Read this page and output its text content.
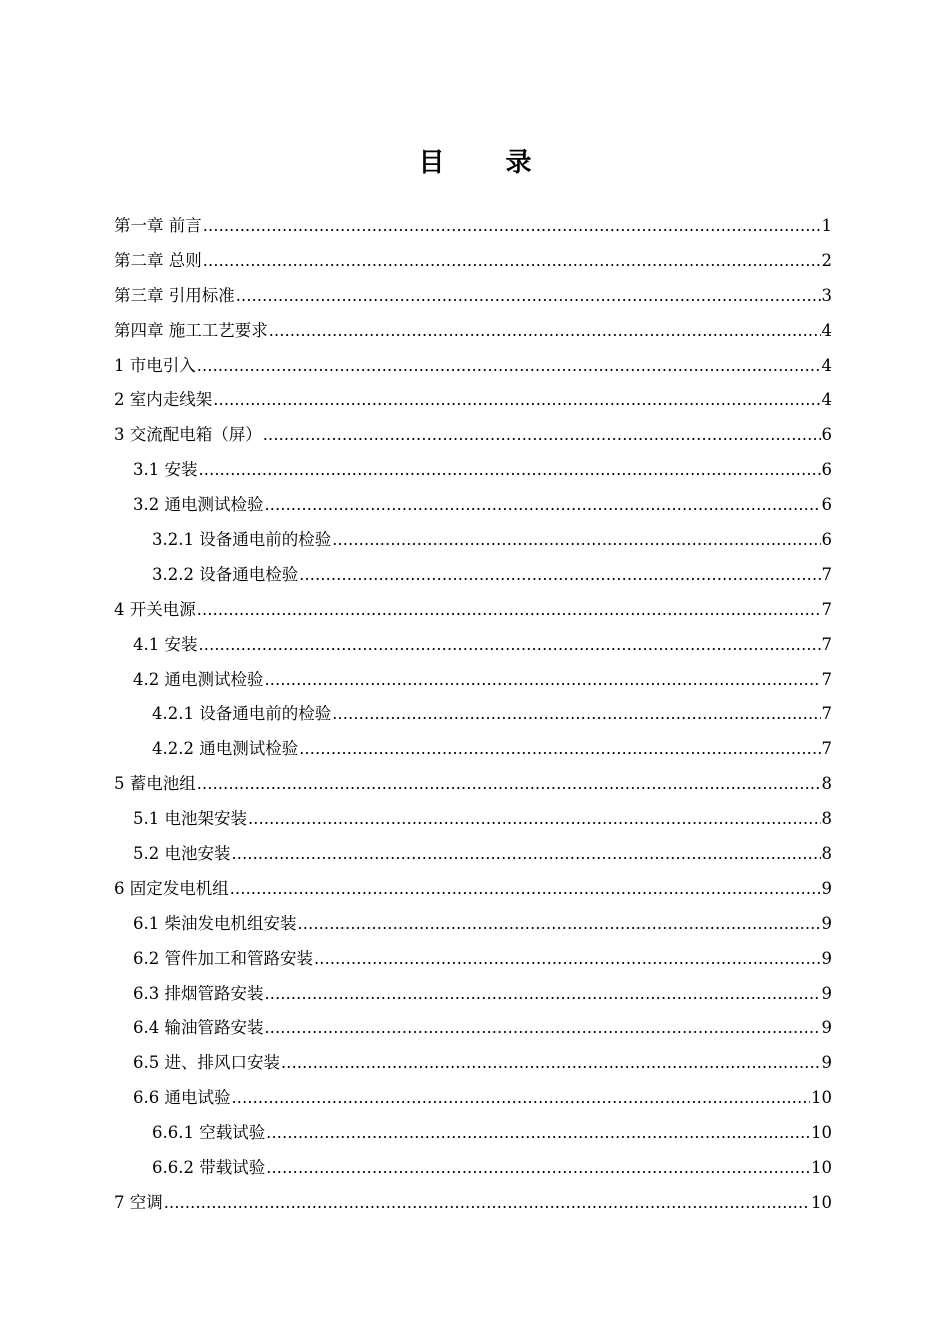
目 录
第一章 前言 .....	1
第二章 总则 .....	2
第三章 引用标准 .....	3
第四章 施工工艺要求 .....	4
1 市电引入 .....	4
2 室内走线架 .....	4
3 交流配电箱（屏） .....	6
3.1 安装 .....	6
3.2 通电测试检验 .....	6
3.2.1 设备通电前的检验 .....	6
3.2.2 设备通电检验 .....	7
4 开关电源 .....	7
4.1 安装 .....	7
4.2 通电测试检验 .....	7
4.2.1 设备通电前的检验 .....	7
4.2.2 通电测试检验 .....	7
5 蓄电池组 .....	8
5.1 电池架安装 .....	8
5.2 电池安装 .....	8
6 固定发电机组 .....	9
6.1 柴油发电机组安装 .....	9
6.2 管件加工和管路安装 .....	9
6.3 排烟管路安装 .....	9
6.4 输油管路安装 .....	9
6.5 进、排风口安装 .....	9
6.6 通电试验 .....	10
6.6.1 空载试验 .....	10
6.6.2 带载试验 .....	10
7 空调 .....	10
